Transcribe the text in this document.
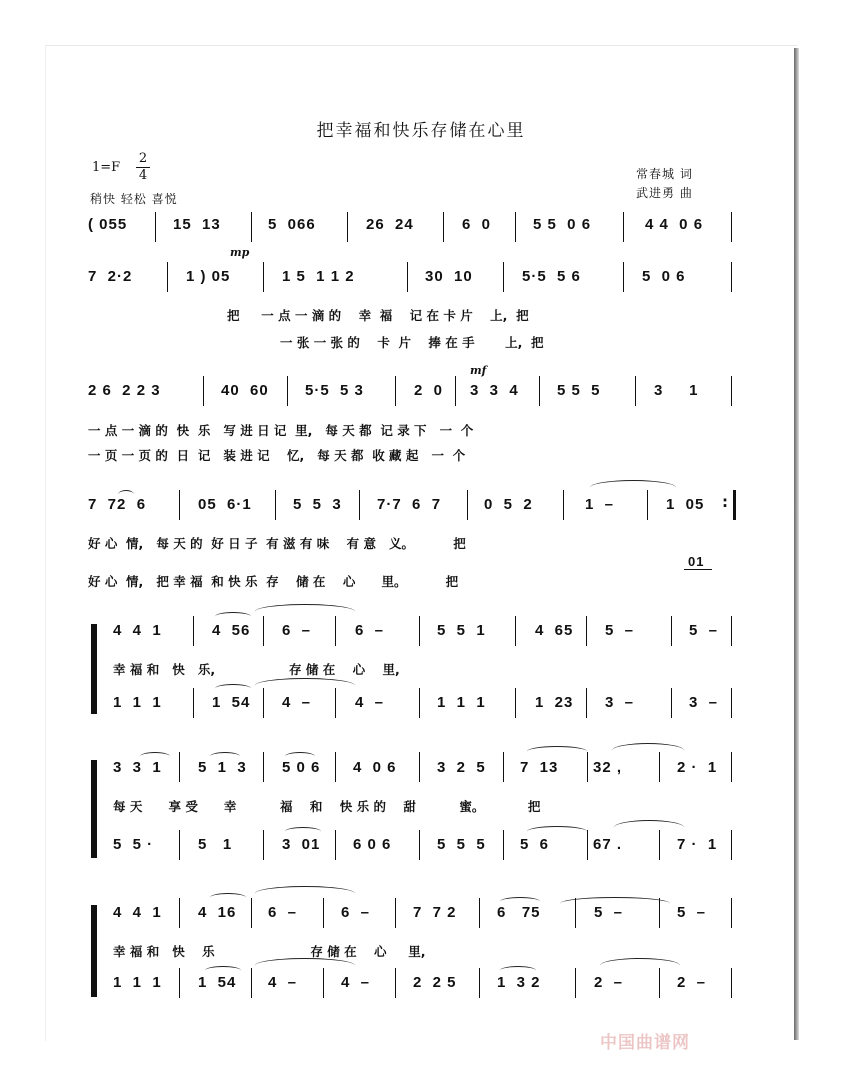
把幸福和快乐存储在心里
1=F
2
4
稍快 轻松 喜悦
常春城 词
武进勇 曲
( 055	15  13	5  066	26  24	6  0	5 5  0 6	4 4  0 6
mp
7  2·2	1 ) 05	1 5  1 1 2	30  10	5·5  5 6	5  0 6
把     一 点 一 滴 的    幸  福    记 在 卡 片    上,  把
一 张 一 张 的    卡  片    捧 在 手       上,  把
mf
2 6  2 2 3	40  60 5·5  5 3	2  0 3  3  4	5 5  5	3     1
一 点 一 滴 的  快  乐   写 进 日 记  里,   每 天 都  记 录 下   一  个
一 页 一 页 的  日  记   装 进 记    忆,   每 天 都  收 藏 起   一  个
7  72  6	05  6·1	5  5  3 7·7  6  7	0  5  2	1  –	1  05 :
好 心  情,   每 天 的  好 日 子  有 滋 有 味    有 意   义。         把
01
好 心  情,   把 幸 福  和 快 乐  存    储 在    心      里。         把
4  4  1	4  56 6  –	6  –	5  5  1	4  65 5  –	5  –
幸 福 和   快   乐,                 存 储 在    心    里,
1  1  1	1  54 4  –	4  –	1  1  1	1  23 3  –	3  –
3  3  1 5  1  3 5 0 6 4  0 6	3  2  5 7  13 32 ,	2 ·  1
每 天      享 受      幸          福    和    快 乐 的    甜          蜜。          把
5  5 ·	5   1	3  01 6 0 6	5  5  5 5  6	67 .	7 ·  1
4  4  1 4  16 6  –	6  –	7  7 2	6   75	5  –	5  –
幸 福 和   快    乐                      存 储 在    心     里,
1  1  1 1  54 4  –	4  –	2  2 5	1  3 2	2  –	2  –
中国曲谱网
